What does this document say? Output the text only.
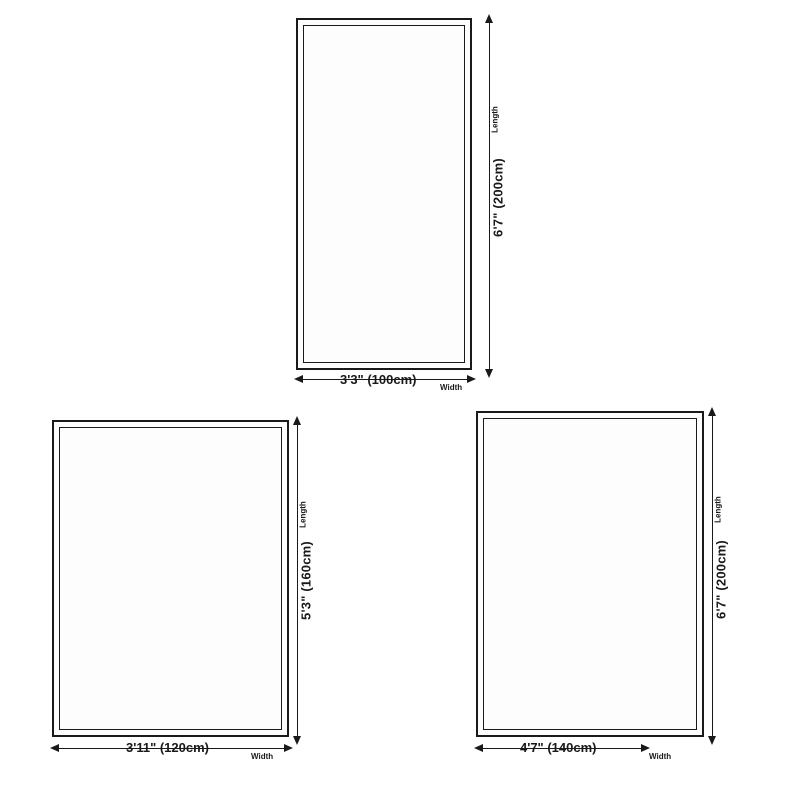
6'7" (200cm)
Length
3'3" (100cm)
Width
5'3" (160cm)
Length
3'11" (120cm)
Width
6'7" (200cm)
Length
4'7" (140cm)
Width
